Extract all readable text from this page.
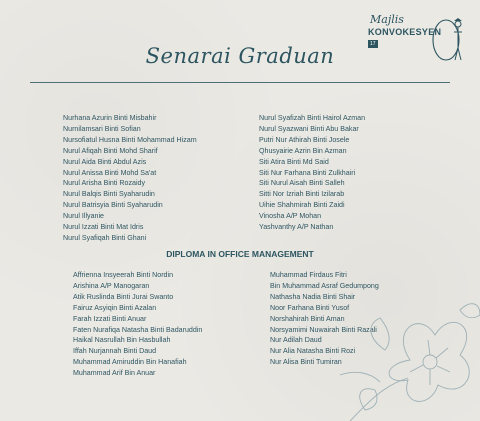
Majlis
KONVOKESYEN
17
Senarai Graduan
Nurhana Azurin Binti Misbahir
Nurnilamsari Binti Sofian
Nursofiatul Husna Binti Mohammad Hizam
Nurul Afiqah Binti Mohd Sharif
Nurul Aida Binti Abdul Azis
Nurul Anissa Binti Mohd Sa'at
Nurul Arisha Binti Rozaidy
Nurul Balqis Binti Syaharudin
Nurul Batrisyia Binti Syaharudin
Nurul Illyanie
Nurul Izzati Binti Mat Idris
Nurul Syafiqah Binti Ghani
Nurul Syafizah Binti Hairol Azman
Nurul Syazwani Binti Abu Bakar
Putri Nur Athirah Binti Josele
Qhusyairie Azrin Bin Azman
Siti Atira Binti Md Said
Siti Nur Farhana Binti Zulkhairi
Siti Nurul Aisah Binti Salleh
Sitti Nor Izriah Binti Izilarab
Uihie Shahmirah Binti Zaidi
Vinosha A/P Mohan
Yashvanthy A/P Nathan
DIPLOMA IN OFFICE MANAGEMENT
Affrienna Insyeerah Binti Nordin
Arishina A/P Manogaran
Atik Ruslinda Binti Jurai Swanto
Fairuz Asyiqin Binti Azalan
Farah Izzati Binti Anuar
Faten Nurafiqa Natasha Binti Badaruddin
Haikal Nasrullah Bin Hasbullah
Iffah Nurjannah Binti Daud
Muhammad Amiruddin Bin Hanafiah
Muhammad Arif Bin Anuar
Muhammad Firdaus Fitri
Bin Muhammad Asraf Gedumpong
Nathasha Nadia Binti Shair
Noor Farhana Binti Yusof
Norshahirah Binti Aman
Norsyamimi Nuwairah Binti Razali
Nur Adilah Daud
Nur Alia Natasha Binti Rozi
Nur Alisa Binti Tumiran
